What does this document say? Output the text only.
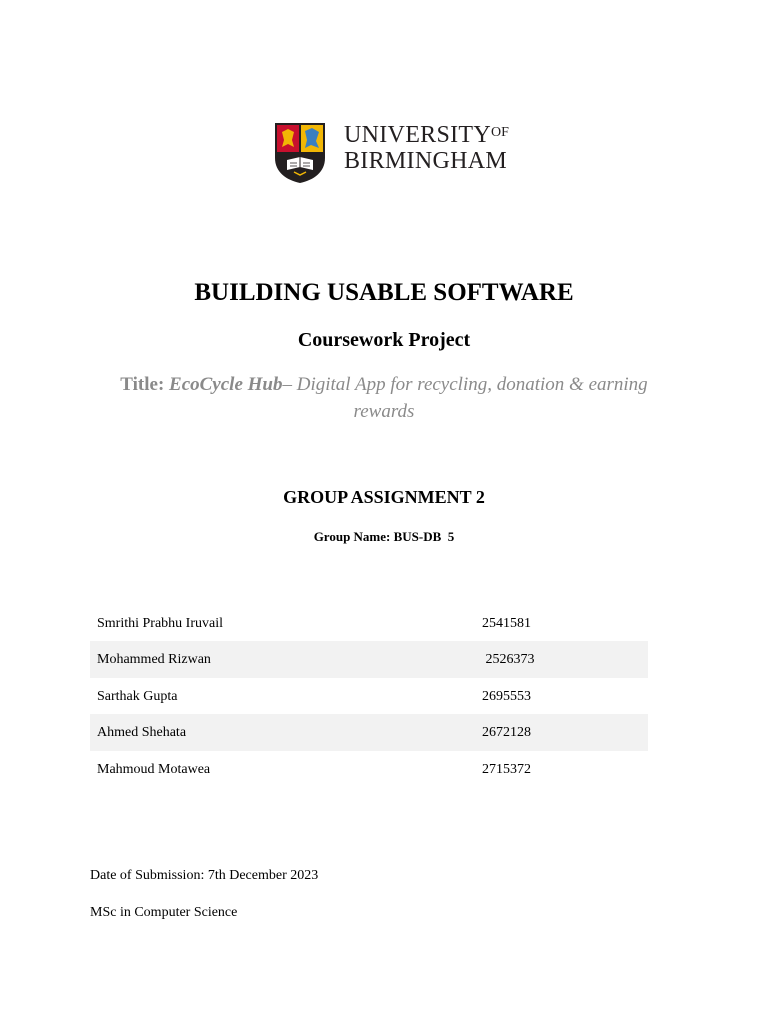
$UNIVERSITY^{OF}$
BIRMINGHAM
BUILDING USABLE SOFTWARE
Coursework Project
Title: EcoCycle Hub– Digital App for recycling, donation & earning rewards
GROUP ASSIGNMENT 2
Group Name: BUS-DB  5
Smrithi Prabhu Iruvail	2541581
Mohammed Rizwan	2526373
Sarthak Gupta	2695553
Ahmed Shehata	2672128
Mahmoud Motawea	2715372
Date of Submission: 7th December 2023
MSc in Computer Science
